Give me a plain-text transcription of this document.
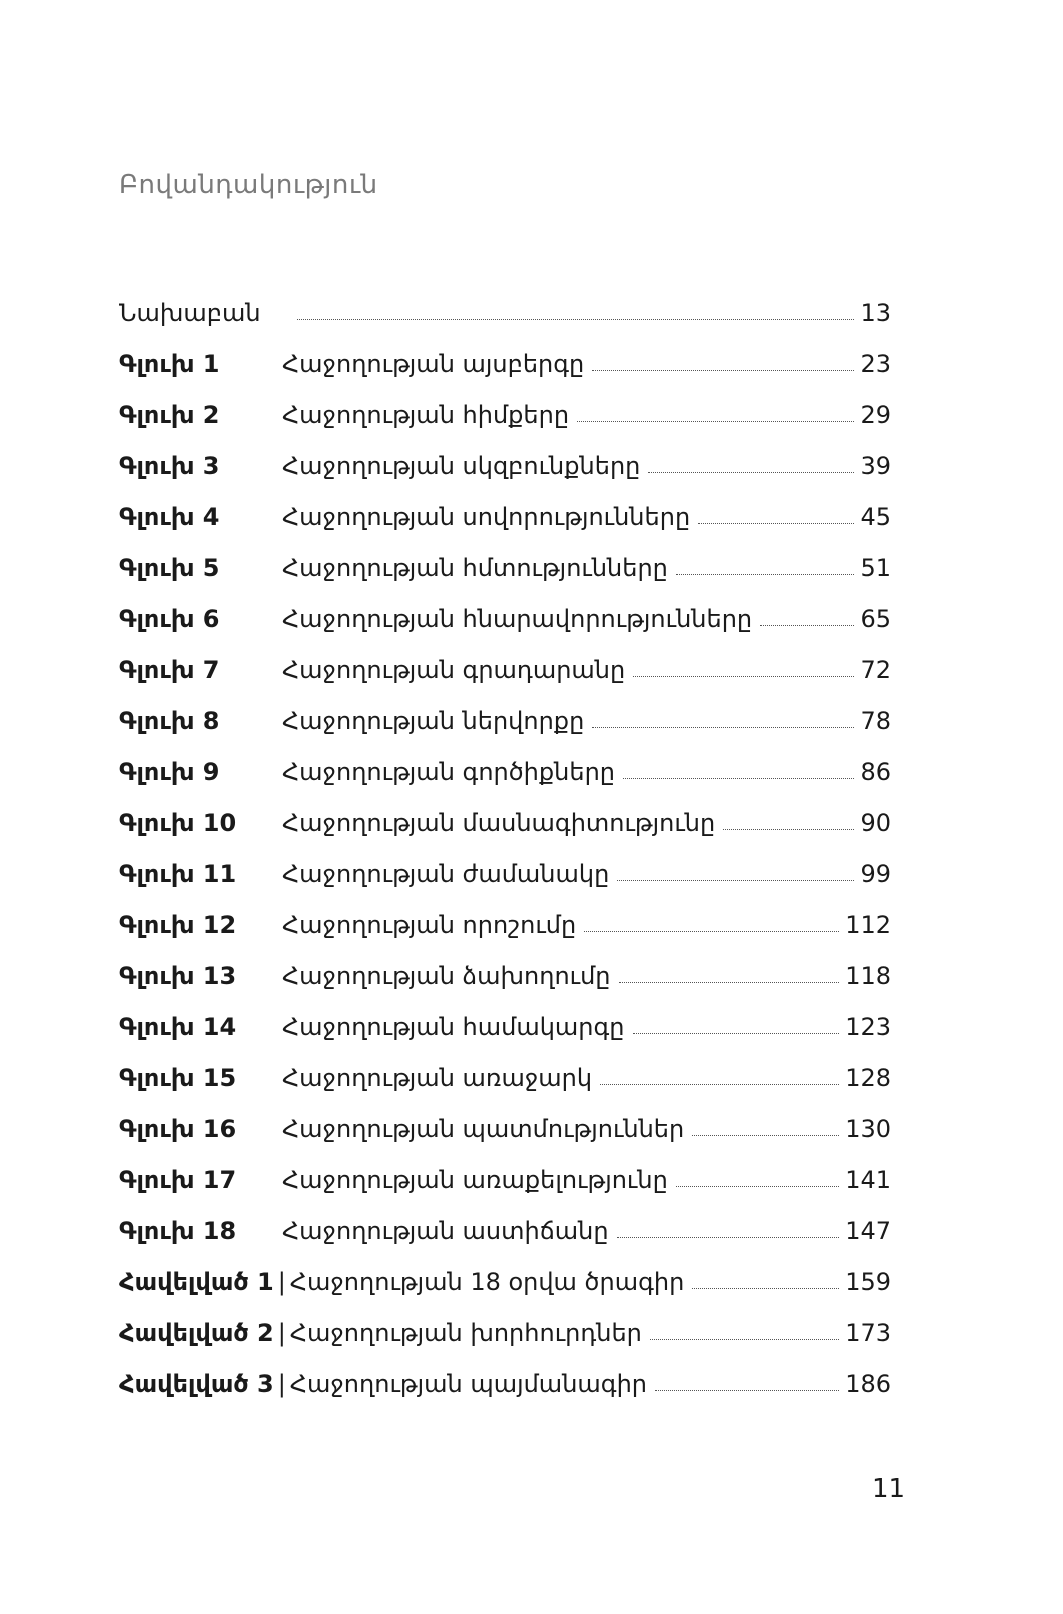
Բովանդակություն
Նախաբան	13
Գլուխ 1	Հաջողության այսբերգը	23
Գլուխ 2	Հաջողության հիմքերը	29
Գլուխ 3	Հաջողության սկզբունքները	39
Գլուխ 4	Հաջողության սովորությունները	45
Գլուխ 5	Հաջողության հմտությունները	51
Գլուխ 6	Հաջողության հնարավորությունները	65
Գլուխ 7	Հաջողության գրադարանը	72
Գլուխ 8	Հաջողության ներվորքը	78
Գլուխ 9	Հաջողության գործիքները	86
Գլուխ 10	Հաջողության մասնագիտությունը	90
Գլուխ 11	Հաջողության ժամանակը	99
Գլուխ 12	Հաջողության որոշումը	112
Գլուխ 13	Հաջողության ձախողումը	118
Գլուխ 14	Հաջողության համակարգը	123
Գլուխ 15	Հաջողության առաջարկ	128
Գլուխ 16	Հաջողության պատմություններ	130
Գլուխ 17	Հաջողության առաքելությունը	141
Գլուխ 18	Հաջողության աստիճանը	147
Հավելված 1 | Հաջողության 18 օրվա ծրագիր	159
Հավելված 2 | Հաջողության խորհուրդներ	173
Հավելված 3 | Հաջողության պայմանագիր	186
11
